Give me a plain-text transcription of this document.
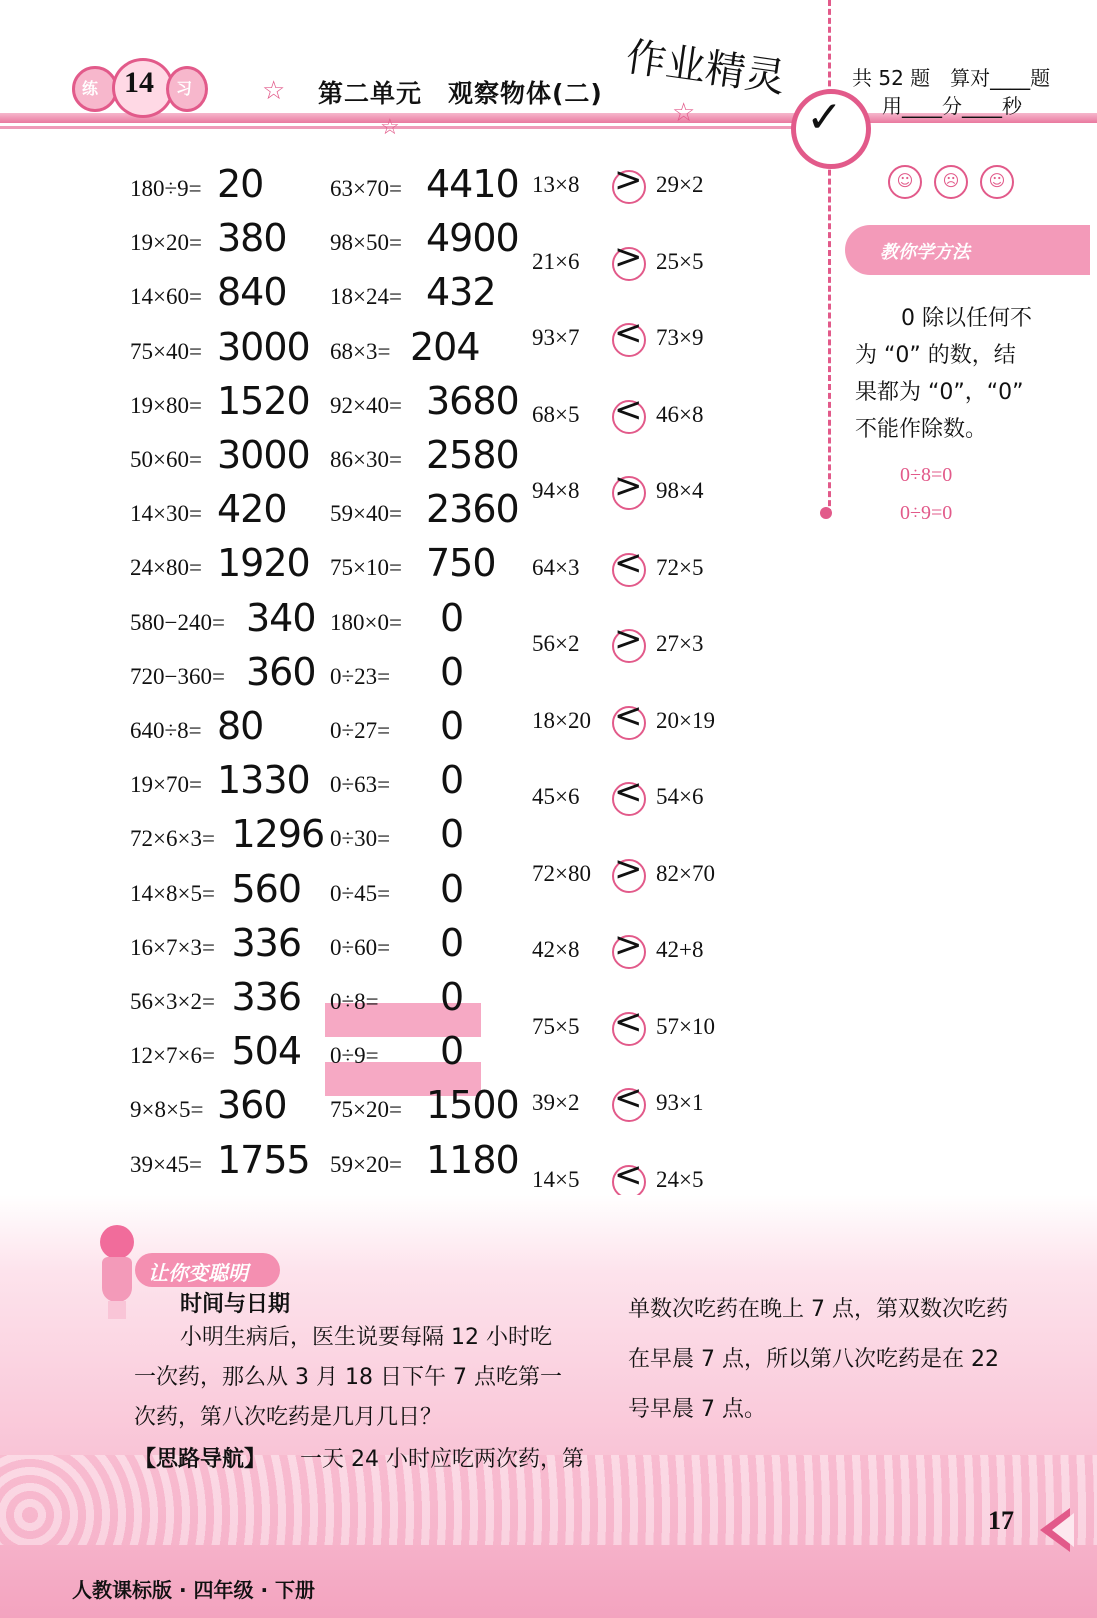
练 14 习	☆
☆	☆
第二单元　观察物体(二) 作业精灵	共 52 题　算对____题
用____分____秒
✓
☺	☹	☺
教你学方法
0 除以任何不
为 “0” 的数，结
果都为 “0”，“0”
不能作除数。
0÷8=0
0÷9=0
180÷9= 20
19×20= 380
14×60= 840
75×40= 3000
19×80= 1520
50×60= 3000
14×30= 420
24×80= 1920
580−240= 340
720−360= 360
640÷8= 80
19×70= 1330
72×6×3= 1296
14×8×5= 560
16×7×3= 336
56×3×2= 336
12×7×6= 504
9×8×5= 360
39×45= 1755
63×70= 4410
98×50= 4900
18×24= 432
68×3= 204
92×40= 3680
86×30= 2580
59×40= 2360
75×10= 750
180×0= 0
0÷23= 0
0÷27= 0
0÷63= 0
0÷30= 0
0÷45= 0
0÷60= 0
0÷8= 0
0÷9= 0
75×20= 1500
59×20= 1180
13×8 > 29×2
21×6 > 25×5
93×7 < 73×9
68×5 < 46×8
94×8 > 98×4
64×3 < 72×5
56×2 > 27×3
18×20 < 20×19
45×6 < 54×6
72×80 > 82×70
42×8 > 42+8
75×5 < 57×10
39×2 < 93×1
14×5 < 24×5
让你变聪明
时间与日期
小明生病后，医生说要每隔 12 小时吃
一次药，那么从 3 月 18 日下午 7 点吃第一
次药，第八次吃药是几月几日？
【思路导航】 一天 24 小时应吃两次药，第
单数次吃药在晚上 7 点，第双数次吃药
在早晨 7 点，所以第八次吃药是在 22
号早晨 7 点。
人教课标版 · 四年级 · 下册
17
